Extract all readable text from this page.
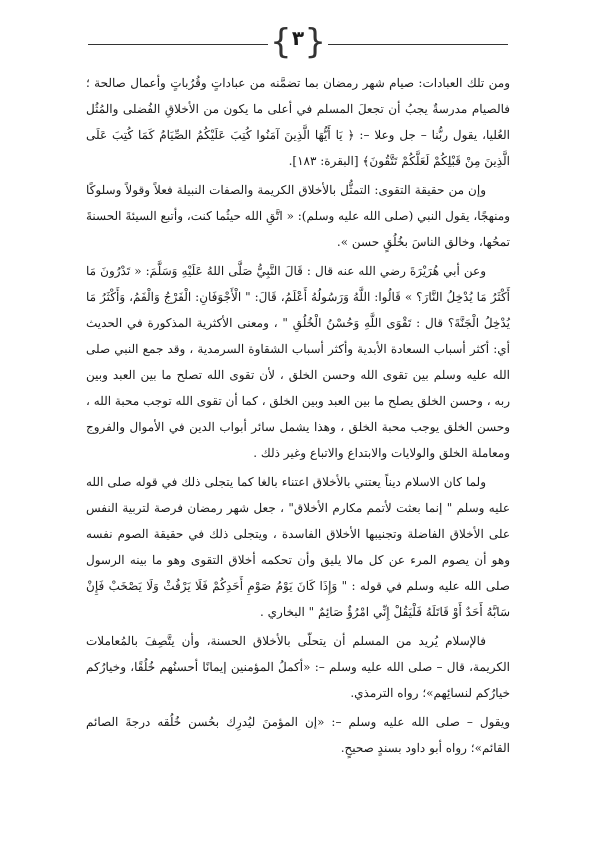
{ ٣ }

ومن تلك العبادات: صيام شهر رمضان بما تضمَّنه من عباداتٍ وقُرُباتٍ وأعمال صالحة ؛ فالصيام مدرسةٌ يجبُ أن تجعلَ المسلم في أعلى ما يكون من الأخلاقِ الفُضلى والمُثُل العُليا، يقول ربُّنا – جل وعلا –: ﴿ يَا أَيُّهَا الَّذِينَ آمَنُوا كُتِبَ عَلَيْكُمُ الصِّيَامُ كَمَا كُتِبَ عَلَى الَّذِينَ مِنْ قَبْلِكُمْ لَعَلَّكُمْ تَتَّقُونَ﴾ [البقرة: ١٨٣].

وإن من حقيقة التقوى: التمثُّل بالأخلاق الكريمة والصفات النبيلة فعلاً وقولاً وسلوكًا ومنهجًا، يقول النبي (صلى الله عليه وسلم): « اتَّقِ الله حيثُما كنت، وأتبع السيئةَ الحسنةَ تمحُها، وخالق الناسَ بخُلُقٍ حسن ».

وعن أبي هُرَيْرَةَ رضي الله عنه قال : قَالَ النَّبِيُّ صَلَّى اللهُ عَلَيْهِ وَسَلَّمَ: « تَدْرُونَ مَا أَكْثَرُ مَا يُدْخِلُ النَّارَ؟ » قَالُوا: اللَّهُ وَرَسُولُهُ أَعْلَمُ، قَالَ: " الْأَجْوَفَانِ: الْفَرْجُ وَالْفَمُ، وَأَكْثَرُ مَا يُدْخِلُ الْجَنَّةَ؟ قال : تَقْوَى اللَّهِ وَحُسْنُ الْخُلُقِ " ، ومعنى الأكثرية المذكورة في الحديث أي: أكثر أسباب السعادة الأبدية وأكثر أسباب الشقاوة السرمدية ، وقد جمع النبي صلى الله عليه وسلم بين تقوى الله وحسن الخلق ، لأن تقوى الله تصلح ما بين العبد وبين ربه ، وحسن الخلق يصلح ما بين العبد وبين الخلق ، كما أن تقوى الله توجب محبة الله ، وحسن الخلق يوجب محبة الخلق ، وهذا يشمل سائر أبواب الدين في الأموال والفروج ومعاملة الخلق والولايات والابتداع والاتباع وغير ذلك .

ولما كان الاسلام ديناً يعتني بالأخلاق اعتناء بالغا كما يتجلى ذلك في قوله صلى الله عليه وسلم " إنما بعثت لأتمم مكارم الأخلاق" ، جعل شهر رمضان فرصة لتربية النفس على الأخلاق الفاضلة وتجنيبها الأخلاق الفاسدة ، ويتجلى ذلك في حقيقة الصوم نفسه وهو أن يصوم المرء عن كل مالا يليق وأن تحكمه أخلاق التقوى وهو ما بينه الرسول صلى الله عليه وسلم في قوله : " وَإِذَا كَانَ يَوْمُ صَوْمِ أَحَدِكُمْ فَلَا يَرْفُثْ وَلَا يَصْخَبْ فَإِنْ سَابَّهُ أَحَدٌ أَوْ قَاتَلَهُ فَلْيَقُلْ إِنِّي امْرُؤٌ صَائِمٌ " البخاري .

فالإسلام يُريد من المسلم أن يتحلّى بالأخلاق الحسنة، وأن يتَّصِفَ بالمُعاملات الكريمة، قال – صلى الله عليه وسلم –: «أكملُ المؤمنين إيمانًا أحسنُهم خُلُقًا، وخيارُكم خيارُكم لنسائِهم»؛ رواه الترمذي.

ويقول – صلى الله عليه وسلم –: «إن المؤمنَ ليُدرِك بحُسن خُلُقه درجةَ الصائم القائم»؛ رواه أبو داود بسندٍ صحيحٍ.
